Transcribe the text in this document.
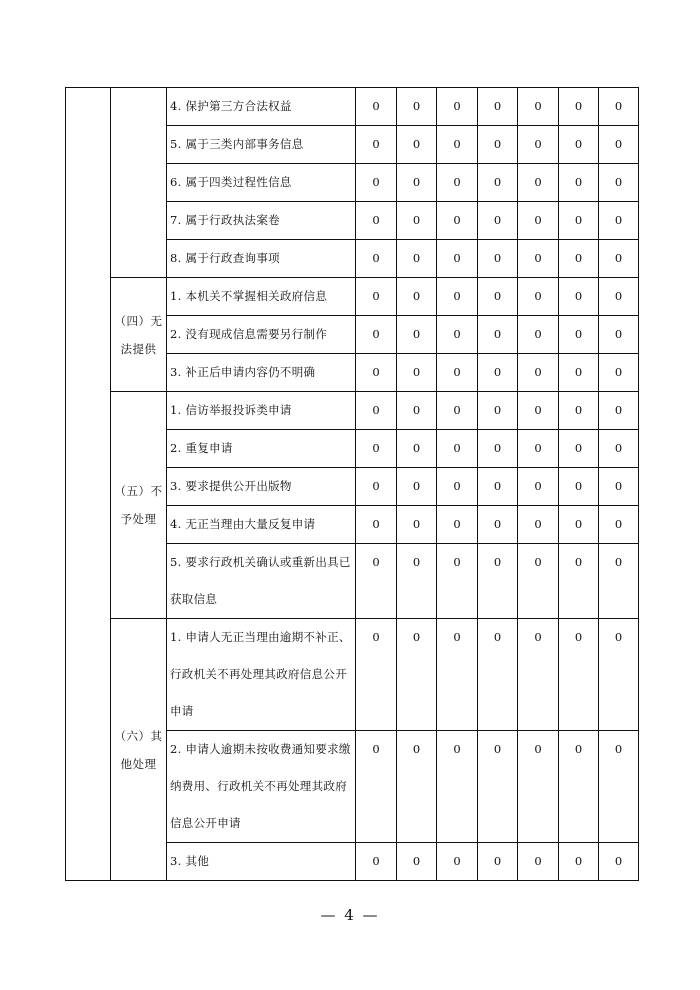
		4. 保护第三方合法权益	0	0	0	0	0	0	0
		5. 属于三类内部事务信息	0	0	0	0	0	0	0
		6. 属于四类过程性信息	0	0	0	0	0	0	0
		7. 属于行政执法案卷	0	0	0	0	0	0	0
		8. 属于行政查询事项	0	0	0	0	0	0	0
	（四）无法提供	1. 本机关不掌握相关政府信息	0	0	0	0	0	0	0
		2. 没有现成信息需要另行制作	0	0	0	0	0	0	0
		3. 补正后申请内容仍不明确	0	0	0	0	0	0	0
	（五）不予处理	1. 信访举报投诉类申请	0	0	0	0	0	0	0
		2. 重复申请	0	0	0	0	0	0	0
		3. 要求提供公开出版物	0	0	0	0	0	0	0
		4. 无正当理由大量反复申请	0	0	0	0	0	0	0
		5. 要求行政机关确认或重新出具已获取信息	0	0	0	0	0	0	0
	（六）其他处理	1. 申请人无正当理由逾期不补正、行政机关不再处理其政府信息公开申请	0	0	0	0	0	0	0
		2. 申请人逾期未按收费通知要求缴纳费用、行政机关不再处理其政府信息公开申请	0	0	0	0	0	0	0
		3. 其他	0	0	0	0	0	0	0
— 4 —
